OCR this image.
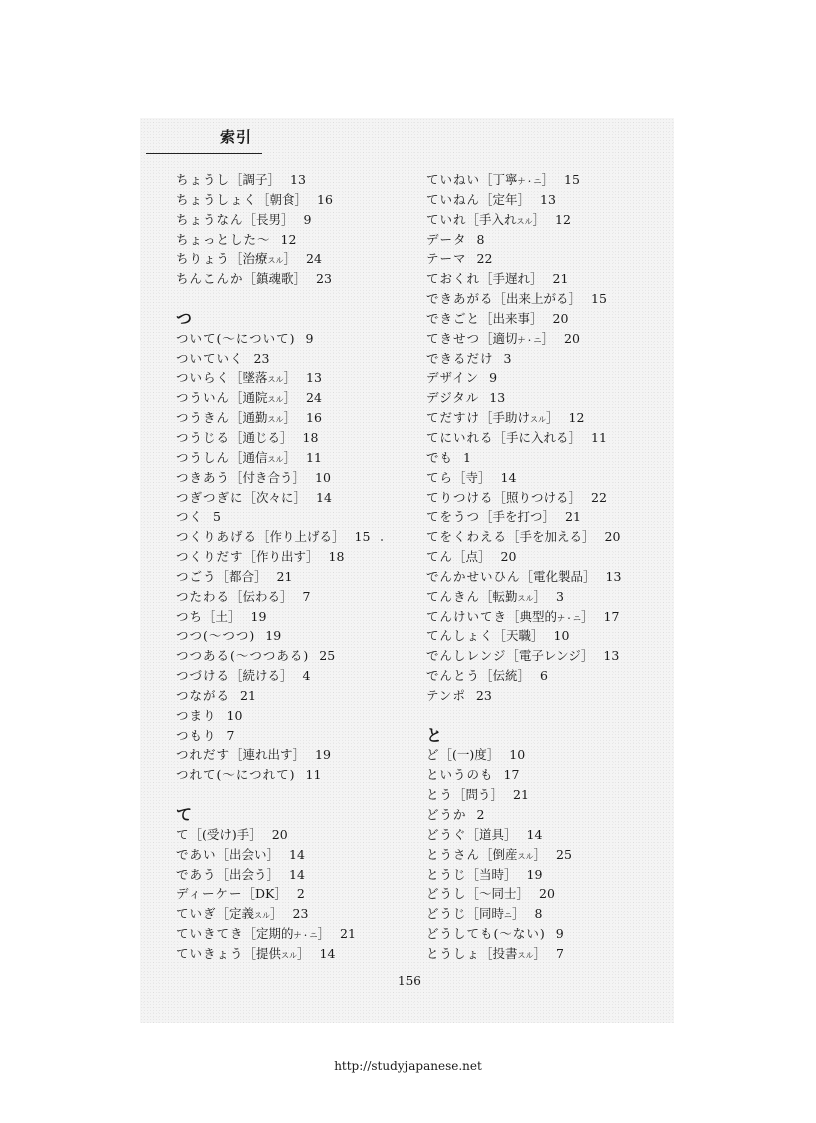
索引
ちょうし［調子］ 13
ちょうしょく［朝食］ 16
ちょうなん［長男］ 9
ちょっとした〜 12
ちりょう［治療スル］ 24
ちんこんか［鎮魂歌］ 23
つ
ついて(〜について) 9
ついていく 23
ついらく［墜落スル］ 13
つういん［通院スル］ 24
つうきん［通勤スル］ 16
つうじる［通じる］ 18
つうしん［通信スル］ 11
つきあう［付き合う］ 10
つぎつぎに［次々に］ 14
つく 5
つくりあげる［作り上げる］ 15
つくりだす［作り出す］ 18
つごう［都合］ 21
つたわる［伝わる］ 7
つち［土］ 19
つつ(〜つつ) 19
つつある(〜つつある) 25
つづける［続ける］ 4
つながる 21
つまり 10
つもり 7
つれだす［連れ出す］ 19
つれて(〜につれて) 11
て
て［(受け)手］ 20
であい［出会い］ 14
であう［出会う］ 14
ディーケー［DK］ 2
ていぎ［定義スル］ 23
ていきてき［定期的ナ・ニ］ 21
ていきょう［提供スル］ 14
ていねい［丁寧ナ・ニ］ 15
ていねん［定年］ 13
ていれ［手入れスル］ 12
データ 8
テーマ 22
ておくれ［手遅れ］ 21
できあがる［出来上がる］ 15
できごと［出来事］ 20
てきせつ［適切ナ・ニ］ 20
できるだけ 3
デザイン 9
デジタル 13
てだすけ［手助けスル］ 12
てにいれる［手に入れる］ 11
でも 1
てら［寺］ 14
てりつける［照りつける］ 22
てをうつ［手を打つ］ 21
てをくわえる［手を加える］ 20
てん［点］ 20
でんかせいひん［電化製品］ 13
てんきん［転勤スル］ 3
てんけいてき［典型的ナ・ニ］ 17
てんしょく［天職］ 10
でんしレンジ［電子レンジ］ 13
でんとう［伝統］ 6
テンポ 23
と
ど［(一)度］ 10
というのも 17
とう［問う］ 21
どうか 2
どうぐ［道具］ 14
とうさん［倒産スル］ 25
とうじ［当時］ 19
どうし［〜同士］ 20
どうじ［同時ニ］ 8
どうしても(〜ない) 9
とうしょ［投書スル］ 7
156
http://studyjapanese.net
